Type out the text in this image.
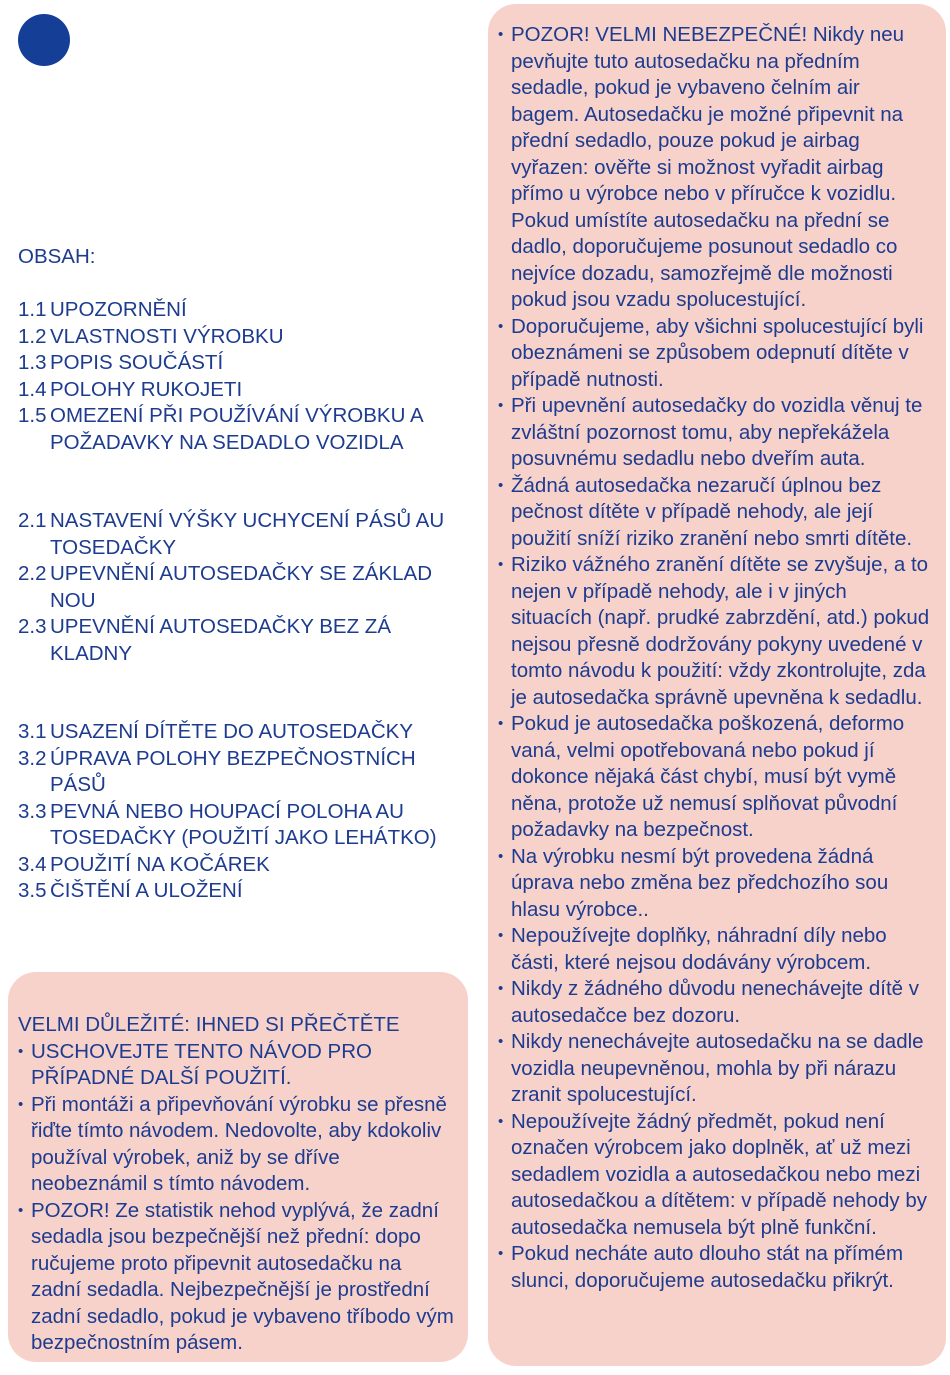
OBSAH:
1.1 UPOZORNĚNÍ
1.2 VLASTNOSTI VÝROBKU
1.3 POPIS SOUČÁSTÍ
1.4 POLOHY RUKOJETI
1.5 OMEZENÍ PŘI POUŽÍVÁNÍ VÝROBKU A POŽADAVKY NA SEDADLO VOZIDLA
2.1 NASTAVENÍ VÝŠKY UCHYCENÍ PÁSŮ AU TOSEDAČKY
2.2 UPEVNĚNÍ AUTOSEDAČKY SE ZÁKLAD NOU
2.3 UPEVNĚNÍ AUTOSEDAČKY BEZ ZÁ KLADNY
3.1 USAZENÍ DÍTĚTE DO AUTOSEDAČKY
3.2 ÚPRAVA POLOHY BEZPEČNOSTNÍCH PÁSŮ
3.3 PEVNÁ NEBO HOUPACÍ POLOHA AU TOSEDAČKY (POUŽITÍ JAKO LEHÁTKO)
3.4 POUŽITÍ NA KOČÁREK
3.5 ČIŠTĚNÍ A ULOŽENÍ
VELMI DŮLEŽITÉ: IHNED SI PŘEČTĚTE
• USCHOVEJTE TENTO NÁVOD PRO PŘÍPADNÉ DALŠÍ POUŽITÍ.
• Při montáži a připevňování výrobku se přesně řiďte tímto návodem. Nedovolte, aby kdokoliv používal výrobek, aniž by se dříve neobeznámil s tímto návodem.
• POZOR! Ze statistik nehod vyplývá, že zadní sedadla jsou bezpečnější než přední: dopo ručujeme proto připevnit autosedačku na zadní sedadla. Nejbezpečnější je prostřední zadní sedadlo, pokud je vybaveno tříbodo vým bezpečnostním pásem.
• POZOR! VELMI NEBEZPEČNÉ! Nikdy neu pevňujte tuto autosedačku na předním sedadle, pokud je vybaveno čelním air bagem. Autosedačku je možné připevnit na přední sedadlo, pouze pokud je airbag vyřazen: ověřte si možnost vyřadit airbag přímo u výrobce nebo v příručce k vozidlu. Pokud umístíte autosedačku na přední se dadlo, doporučujeme posunout sedadlo co nejvíce dozadu, samozřejmě dle možnosti pokud jsou vzadu spolucestující.
• Doporučujeme, aby všichni spolucestující byli obeznámeni se způsobem odepnutí dítěte v případě nutnosti.
• Při upevnění autosedačky do vozidla věnuj te zvláštní pozornost tomu, aby nepřekážela posuvnému sedadlu nebo dveřím auta.
• Žádná autosedačka nezaručí úplnou bez pečnost dítěte v případě nehody, ale její použití sníží riziko zranění nebo smrti dítěte.
• Riziko vážného zranění dítěte se zvyšuje, a to nejen v případě nehody, ale i v jiných situacích (např. prudké zabrzdění, atd.) pokud nejsou přesně dodržovány pokyny uvedené v tomto návodu k použití: vždy zkontrolujte, zda je autosedačka správně upevněna k sedadlu.
• Pokud je autosedačka poškozená, deformo vaná, velmi opotřebovaná nebo pokud jí dokonce nějaká část chybí, musí být vymě něna, protože už nemusí splňovat původní požadavky na bezpečnost.
• Na výrobku nesmí být provedena žádná úprava nebo změna bez předchozího sou hlasu výrobce..
• Nepoužívejte doplňky, náhradní díly nebo části, které nejsou dodávány výrobcem.
• Nikdy z žádného důvodu nenechávejte dítě v autosedačce bez dozoru.
• Nikdy nenechávejte autosedačku na se dadle vozidla neupevněnou, mohla by při nárazu zranit spolucestující.
• Nepoužívejte žádný předmět, pokud není označen výrobcem jako doplněk, ať už mezi sedadlem vozidla a autosedačkou nebo mezi autosedačkou a dítětem: v případě nehody by autosedačka nemusela být plně funkční.
• Pokud necháte auto dlouho stát na přímém slunci, doporučujeme autosedačku přikrýt.
